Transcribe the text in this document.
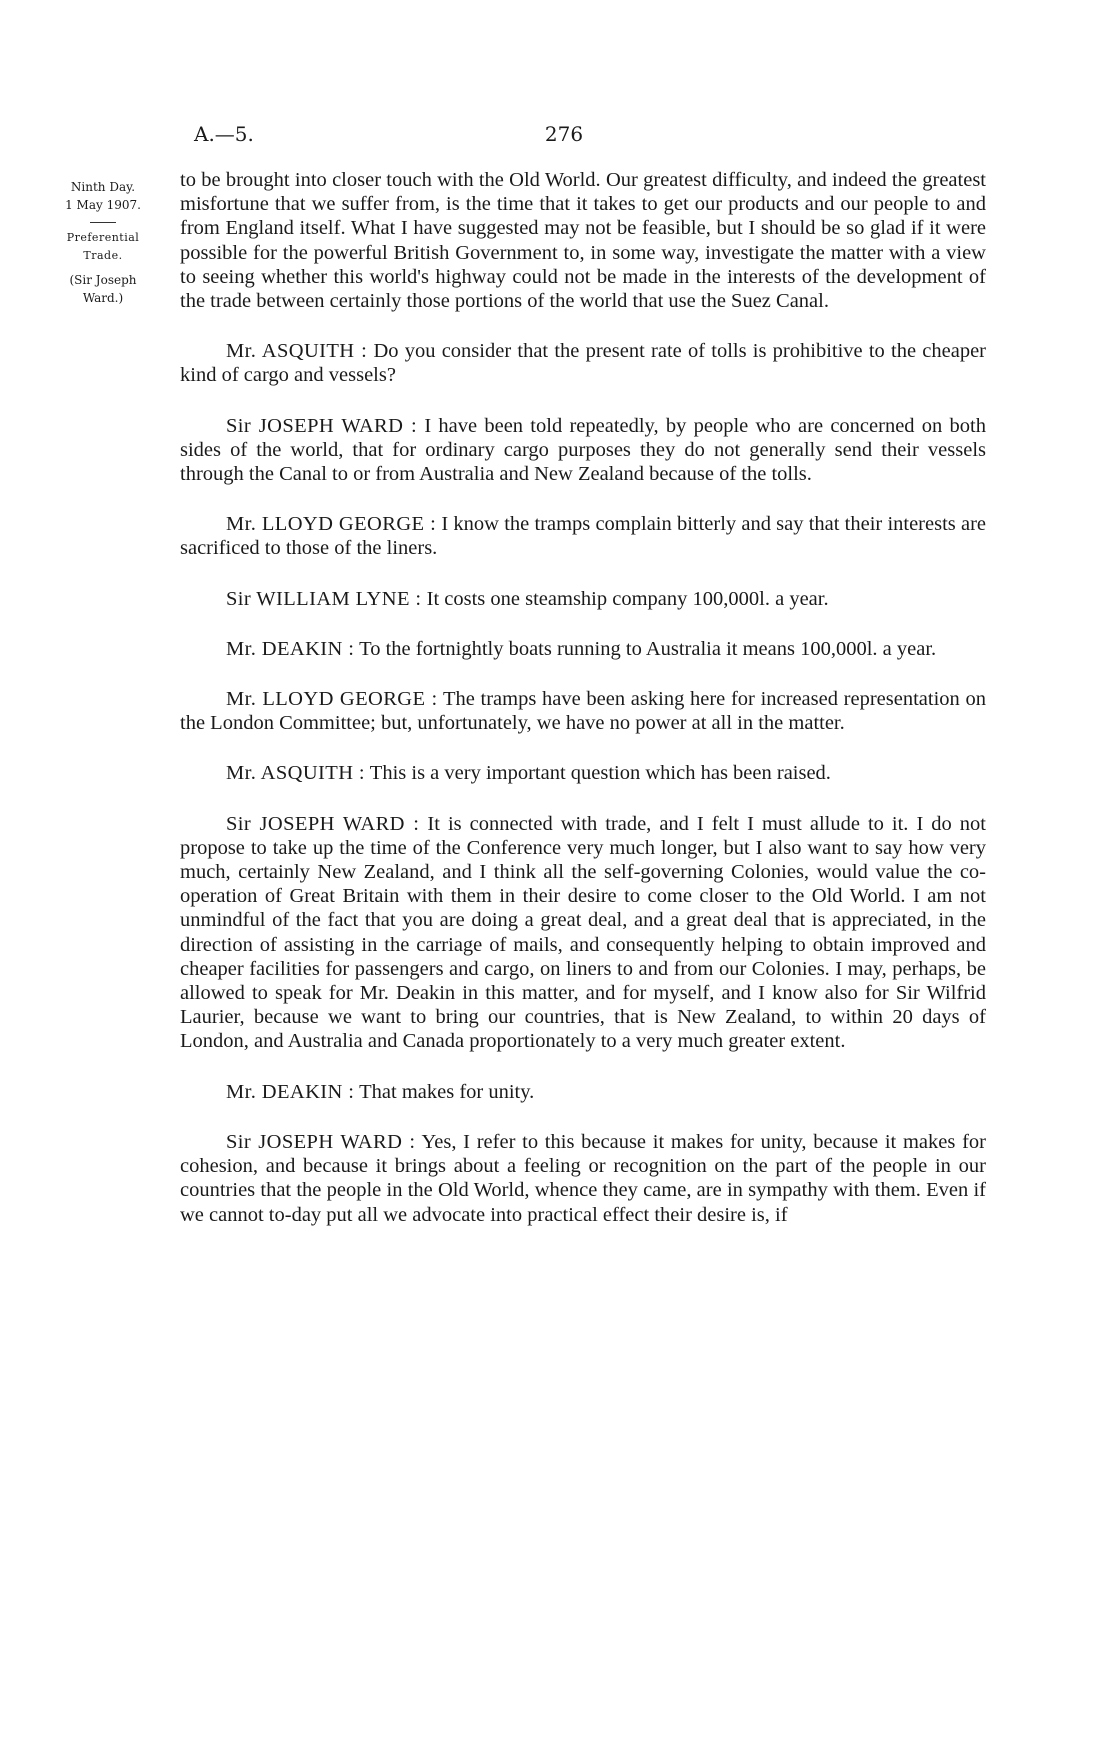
A.—5.	276
Ninth Day.
1 May 1907.
Preferential
Trade.
(Sir Joseph
Ward.)

to be brought into closer touch with the Old World. Our greatest difficulty, and indeed the greatest misfortune that we suffer from, is the time that it takes to get our products and our people to and from England itself. What I have suggested may not be feasible, but I should be so glad if it were possible for the powerful British Government to, in some way, investigate the matter with a view to seeing whether this world's highway could not be made in the interests of the development of the trade between certainly those portions of the world that use the Suez Canal.

Mr. ASQUITH : Do you consider that the present rate of tolls is prohibitive to the cheaper kind of cargo and vessels?

Sir JOSEPH WARD : I have been told repeatedly, by people who are concerned on both sides of the world, that for ordinary cargo purposes they do not generally send their vessels through the Canal to or from Australia and New Zealand because of the tolls.

Mr. LLOYD GEORGE : I know the tramps complain bitterly and say that their interests are sacrificed to those of the liners.

Sir WILLIAM LYNE : It costs one steamship company 100,000l. a year.

Mr. DEAKIN : To the fortnightly boats running to Australia it means 100,000l. a year.

Mr. LLOYD GEORGE : The tramps have been asking here for increased representation on the London Committee; but, unfortunately, we have no power at all in the matter.

Mr. ASQUITH : This is a very important question which has been raised.

Sir JOSEPH WARD : It is connected with trade, and I felt I must allude to it. I do not propose to take up the time of the Conference very much longer, but I also want to say how very much, certainly New Zealand, and I think all the self-governing Colonies, would value the co-operation of Great Britain with them in their desire to come closer to the Old World. I am not unmindful of the fact that you are doing a great deal, and a great deal that is appreciated, in the direction of assisting in the carriage of mails, and consequently helping to obtain improved and cheaper facilities for passengers and cargo, on liners to and from our Colonies. I may, perhaps, be allowed to speak for Mr. Deakin in this matter, and for myself, and I know also for Sir Wilfrid Laurier, because we want to bring our countries, that is New Zealand, to within 20 days of London, and Australia and Canada proportionately to a very much greater extent.

Mr. DEAKIN : That makes for unity.

Sir JOSEPH WARD : Yes, I refer to this because it makes for unity, because it makes for cohesion, and because it brings about a feeling or recognition on the part of the people in our countries that the people in the Old World, whence they came, are in sympathy with them. Even if we cannot to-day put all we advocate into practical effect their desire is, if
